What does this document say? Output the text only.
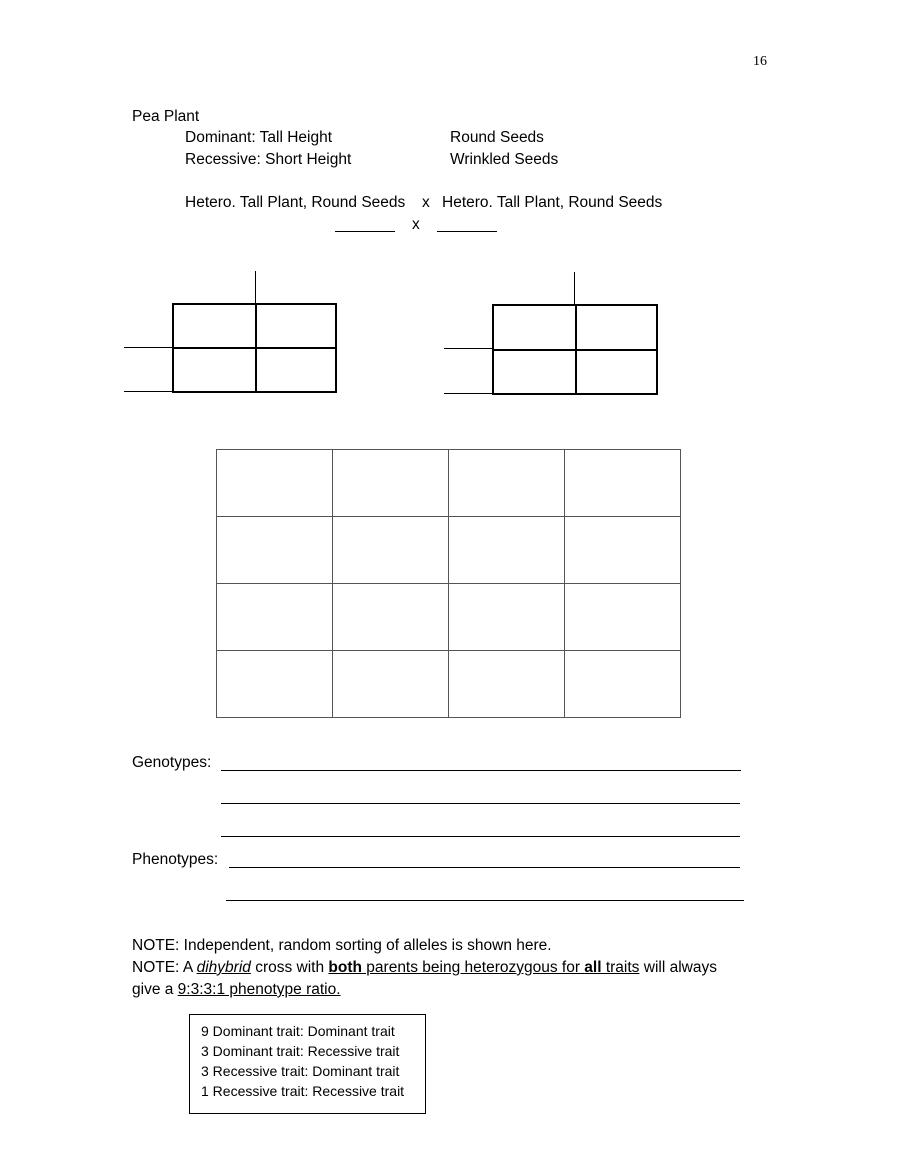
16
Pea Plant
Dominant: Tall Height	Round Seeds
Recessive: Short Height	Wrinkled Seeds
Hetero. Tall Plant, Round Seeds x Hetero. Tall Plant, Round Seeds
x

Genotypes:
Phenotypes:
NOTE: Independent, random sorting of alleles is shown here.
NOTE: A dihybrid cross with both parents being heterozygous for all traits will always
give a 9:3:3:1 phenotype ratio.
9 Dominant trait: Dominant trait
3 Dominant trait: Recessive trait
3 Recessive trait: Dominant trait
1 Recessive trait: Recessive trait
